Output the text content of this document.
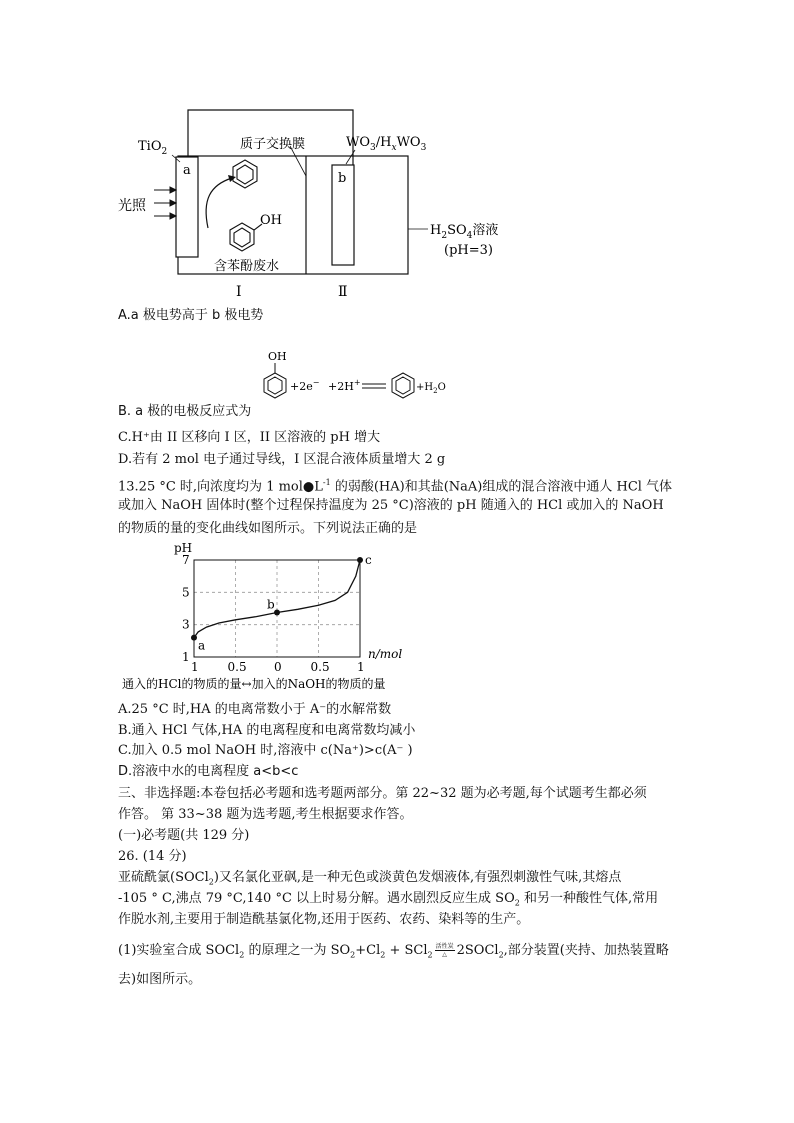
a
TiO$_2$
b
质子交换膜	$WO_3/H_xWO_3$
光照
OH
含苯酚废水
$H_2SO_4$溶液
(pH=3)
Ⅰ	Ⅱ
A.a 极电势高于 b 极电势
OH
+2e− +2H+	$+H_2O$
B. a 极的电极反应式为
C.H⁺由 II 区移向 I 区，II 区溶液的 pH 增大
D.若有 2 mol 电子通过导线，I 区混合液体质量增大 2 g
13.25 °C 时,向浓度均为 1 $mol●L^{-1}$ 的弱酸(HA)和其盐(NaA)组成的混合溶液中通人 HCl 气体
或加入 NaOH 固体时(整个过程保持温度为 25 °C)溶液的 pH 随通入的 HCl 或加入的 NaOH
的物质的量的变化曲线如图所示。下列说法正确的是
pH
n/mol
1
3
5
7
1 0.5 0 0.5 1
a
b
c
通入的HCl的物质的量↔加入的NaOH的物质的量
A.25 °C 时,HA 的电离常数小于 A⁻的水解常数
B.通入 HCl 气体,HA 的电离程度和电离常数均减小
C.加入 0.5 mol NaOH 时,溶液中 c(Na⁺)>c(A⁻ )
D.溶液中水的电离程度 a<b<c
三、非选择题:本卷包括必考题和选考题两部分。第 22~32 题为必考题,每个试题考生都必须
作答。 第 33~38 题为选考题,考生根据要求作答。
(一)必考题(共 129 分)
26. (14 分)
亚硫酰氯(SOCl$_2$)又名氯化亚砜,是一种无色或淡黄色发烟液体,有强烈刺激性气味,其熔点
-105 ° C,沸点 79 °C,140 °C 以上时易分解。遇水剧烈反应生成 $SO_2$ 和另一种酸性气体,常用
作脱水剂,主要用于制造酰基氯化物,还用于医药、农药、染料等的生产。
(1)实验室合成 SOCl$_2$ 的原理之一为 $SO_2+Cl_2 + SCl_2 \frac{\text{活性炭}}{\triangle}$ 2SOCl$_2$,部分装置(夹持、加热装置略
去)如图所示。
